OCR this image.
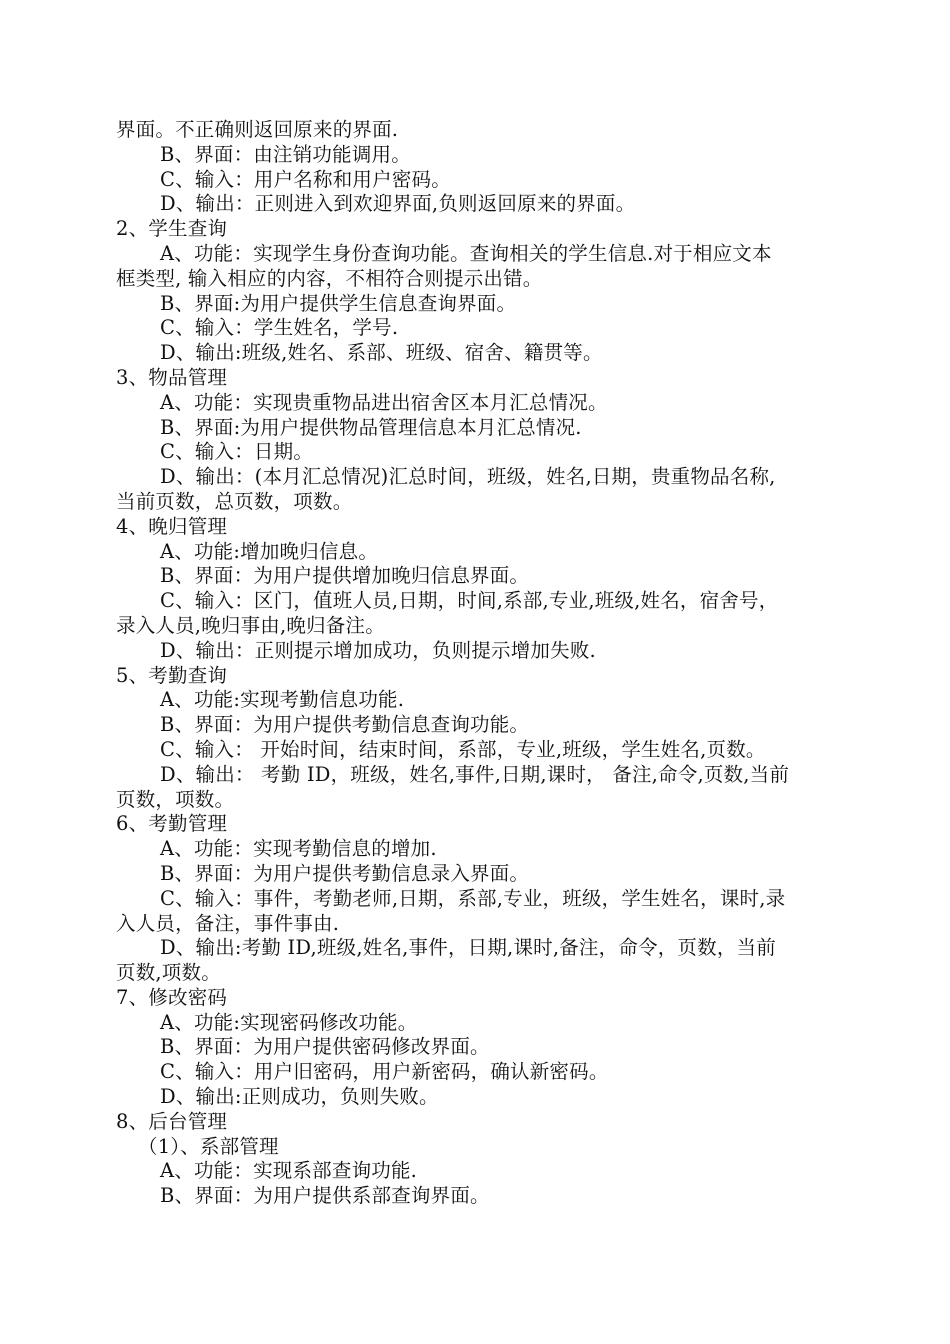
界面。不正确则返回原来的界面.
B、界面：由注销功能调用。
C、输入：用户名称和用户密码。
D、输出：正则进入到欢迎界面,负则返回原来的界面。
2、学生查询
A、功能：实现学生身份查询功能。查询相关的学生信息.对于相应文本
框类型, 输入相应的内容，不相符合则提示出错。
B、界面:为用户提供学生信息查询界面。
C、输入：学生姓名，学号.
D、输出:班级,姓名、系部、班级、宿舍、籍贯等。
3、物品管理
A、功能：实现贵重物品进出宿舍区本月汇总情况。
B、界面:为用户提供物品管理信息本月汇总情况.
C、输入：日期。
D、输出：(本月汇总情况)汇总时间，班级，姓名,日期，贵重物品名称,
当前页数，总页数，项数。
4、晚归管理
A、功能:增加晚归信息。
B、界面：为用户提供增加晚归信息界面。
C、输入：区门，值班人员,日期，时间,系部,专业,班级,姓名，宿舍号，
录入人员,晚归事由,晚归备注。
D、输出：正则提示增加成功，负则提示增加失败.
5、考勤查询
A、功能:实现考勤信息功能.
B、界面：为用户提供考勤信息查询功能。
C、输入： 开始时间，结束时间，系部，专业,班级，学生姓名,页数。
D、输出： 考勤 ID，班级，姓名,事件,日期,课时， 备注,命令,页数,当前
页数，项数。
6、考勤管理
A、功能：实现考勤信息的增加.
B、界面：为用户提供考勤信息录入界面。
C、输入：事件，考勤老师,日期，系部,专业，班级，学生姓名，课时,录
入人员，备注，事件事由.
D、输出:考勤 ID,班级,姓名,事件，日期,课时,备注，命令，页数，当前
页数,项数。
7、修改密码
A、功能:实现密码修改功能。
B、界面：为用户提供密码修改界面。
C、输入：用户旧密码，用户新密码，确认新密码。
D、输出:正则成功，负则失败。
8、后台管理
（1）、系部管理
A、功能：实现系部查询功能.
B、界面：为用户提供系部查询界面。
